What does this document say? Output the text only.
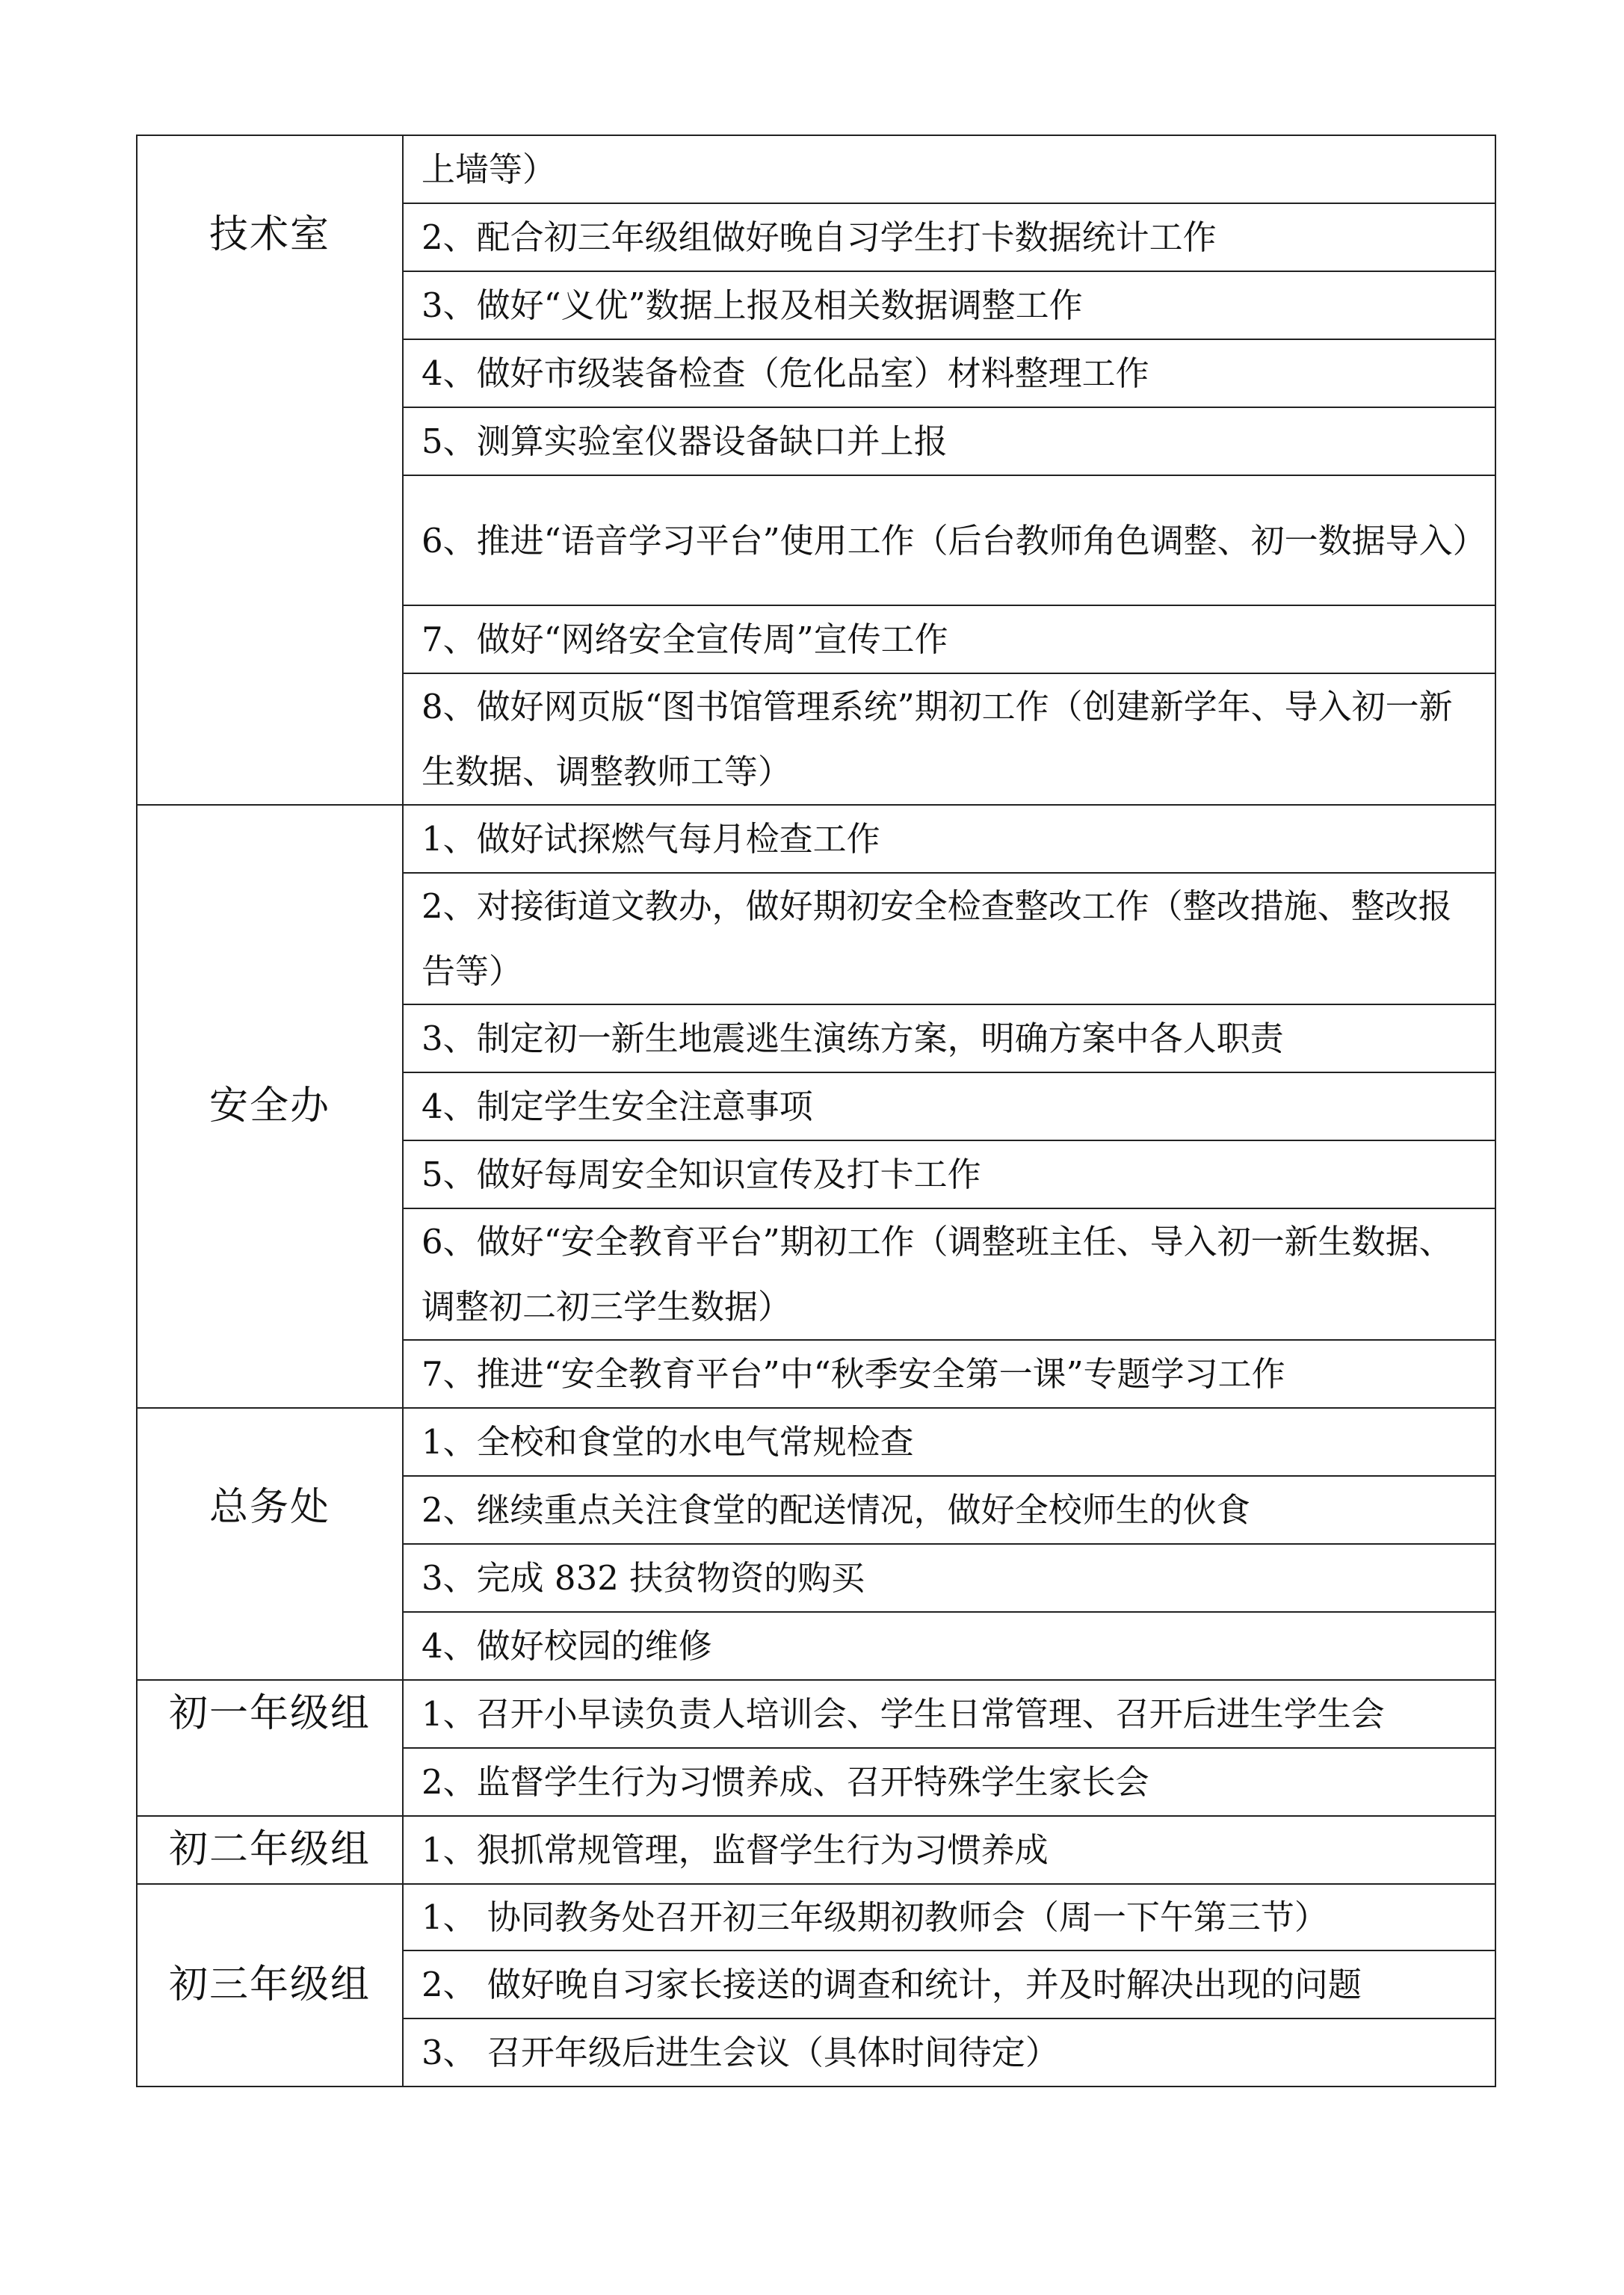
技术室	上墙等）
	2、配合初三年级组做好晚自习学生打卡数据统计工作
	3、做好“义优”数据上报及相关数据调整工作
	4、做好市级装备检查（危化品室）材料整理工作
	5、测算实验室仪器设备缺口并上报
	6、推进“语音学习平台”使用工作（后台教师角色调整、初一数据导入）
	7、做好“网络安全宣传周”宣传工作
	8、做好网页版“图书馆管理系统”期初工作（创建新学年、导入初一新生数据、调整教师工等）
安全办	1、做好试探燃气每月检查工作
	2、对接街道文教办，做好期初安全检查整改工作（整改措施、整改报告等）
	3、制定初一新生地震逃生演练方案，明确方案中各人职责
	4、制定学生安全注意事项
	5、做好每周安全知识宣传及打卡工作
	6、做好“安全教育平台”期初工作（调整班主任、导入初一新生数据、调整初二初三学生数据）
	7、推进“安全教育平台”中“秋季安全第一课”专题学习工作

总务处	1、全校和食堂的水电气常规检查
	2、继续重点关注食堂的配送情况，做好全校师生的伙食
	3、完成 832 扶贫物资的购买
	4、做好校园的维修

初一年级组	1、召开小早读负责人培训会、学生日常管理、召开后进生学生会
	2、监督学生行为习惯养成、召开特殊学生家长会
初二年级组	1、狠抓常规管理，监督学生行为习惯养成
初三年级组	1、 协同教务处召开初三年级期初教师会（周一下午第三节）
	2、 做好晚自习家长接送的调查和统计，并及时解决出现的问题
	3、 召开年级后进生会议（具体时间待定）
